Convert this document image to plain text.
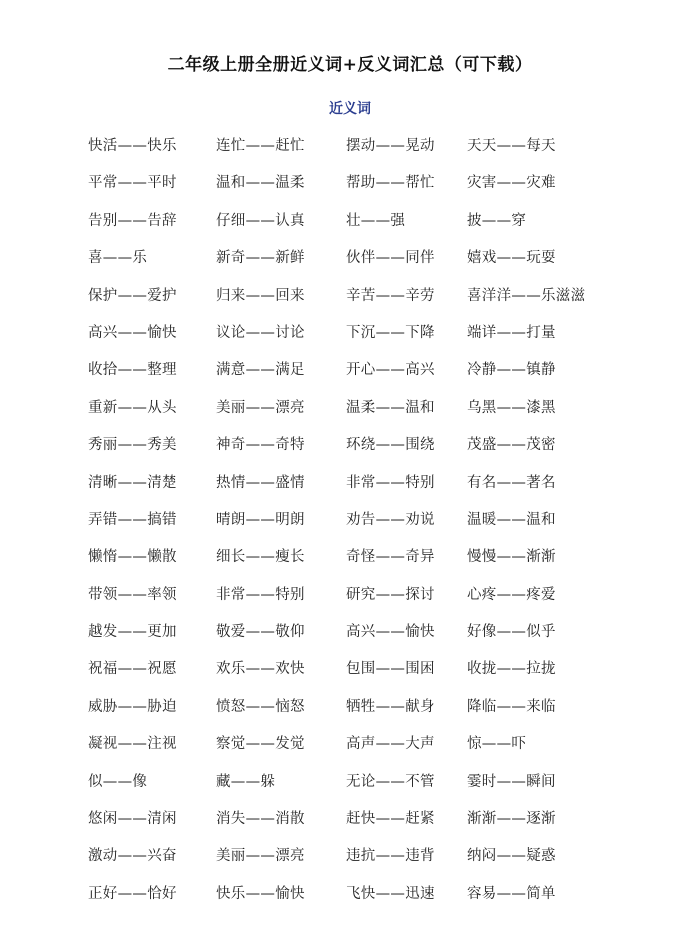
二年级上册全册近义词+反义词汇总（可下载）
近义词
快活——快乐	连忙——赶忙	摆动——晃动 天天——每天
平常——平时	温和——温柔	帮助——帮忙 灾害——灾难
告别——告辞	仔细——认真	壮——强	披——穿
喜——乐	新奇——新鲜	伙伴——同伴 嬉戏——玩耍
保护——爱护	归来——回来	辛苦——辛劳 喜洋洋——乐滋滋
高兴——愉快	议论——讨论	下沉——下降 端详——打量
收拾——整理	满意——满足	开心——高兴 冷静——镇静
重新——从头	美丽——漂亮	温柔——温和 乌黑——漆黑
秀丽——秀美	神奇——奇特	环绕——围绕 茂盛——茂密
清晰——清楚	热情——盛情	非常——特别 有名——著名
弄错——搞错	晴朗——明朗	劝告——劝说 温暖——温和
懒惰——懒散	细长——瘦长	奇怪——奇异 慢慢——渐渐
带领——率领	非常——特别	研究——探讨 心疼——疼爱
越发——更加	敬爱——敬仰	高兴——愉快 好像——似乎
祝福——祝愿	欢乐——欢快	包围——围困 收拢——拉拢
威胁——胁迫	愤怒——恼怒	牺牲——献身 降临——来临
凝视——注视	察觉——发觉	高声——大声 惊——吓
似——像	藏——躲	无论——不管 霎时——瞬间
悠闲——清闲	消失——消散	赶快——赶紧 渐渐——逐渐
激动——兴奋	美丽——漂亮	违抗——违背 纳闷——疑惑
正好——恰好	快乐——愉快	飞快——迅速 容易——简单
